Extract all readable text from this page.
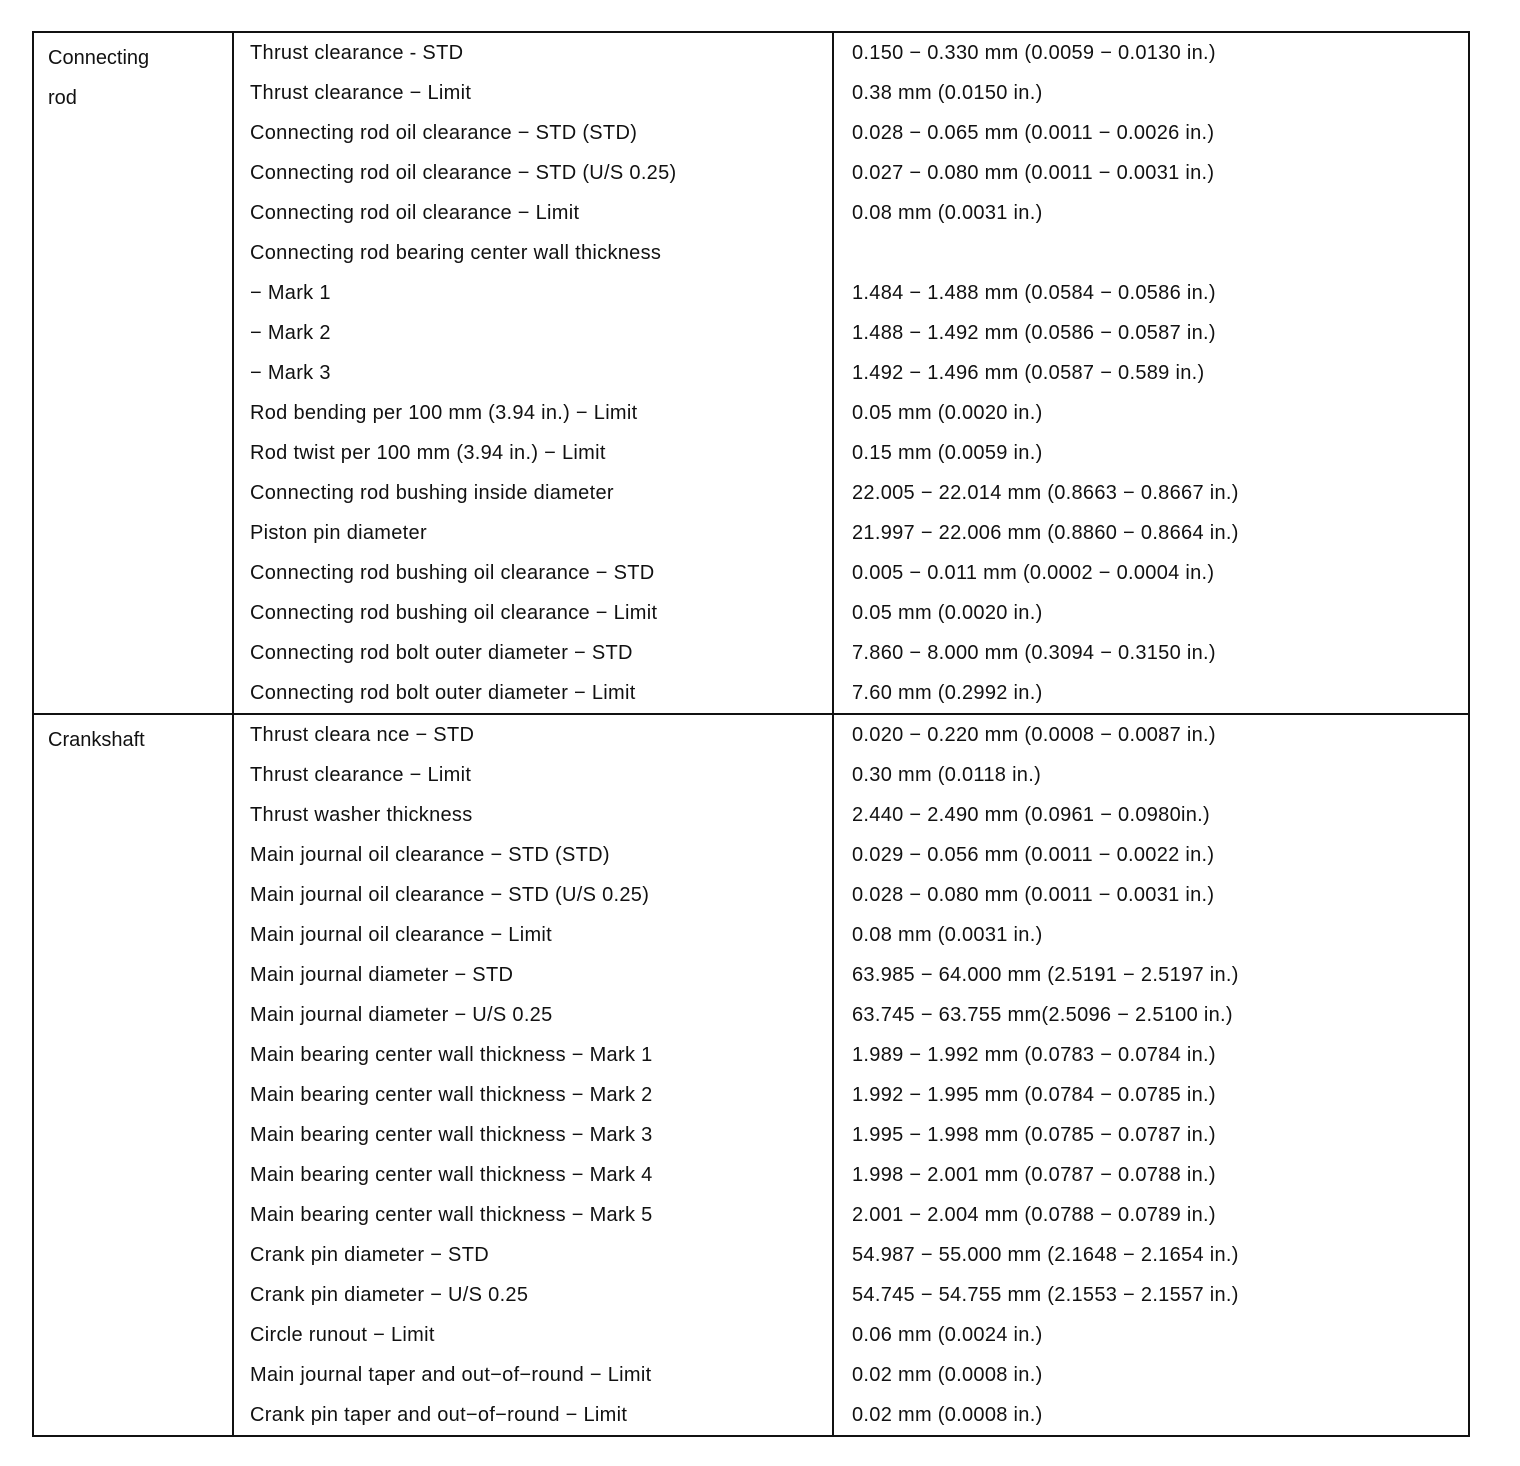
Connecting
rod
Thrust clearance - STD	0.150 − 0.330 mm (0.0059 − 0.0130 in.)
Thrust clearance − Limit	0.38 mm (0.0150 in.)
Connecting rod oil clearance − STD (STD)	0.028 − 0.065 mm (0.0011 − 0.0026 in.)
Connecting rod oil clearance − STD (U/S 0.25)	0.027 − 0.080 mm (0.0011 − 0.0031 in.)
Connecting rod oil clearance − Limit	0.08 mm (0.0031 in.)
Connecting rod bearing center wall thickness
− Mark 1	1.484 − 1.488 mm (0.0584 − 0.0586 in.)
− Mark 2	1.488 − 1.492 mm (0.0586 − 0.0587 in.)
− Mark 3	1.492 − 1.496 mm (0.0587 − 0.589 in.)
Rod bending per 100 mm (3.94 in.) − Limit	0.05 mm (0.0020 in.)
Rod twist per 100 mm (3.94 in.) − Limit	0.15 mm (0.0059 in.)
Connecting rod bushing inside diameter	22.005 − 22.014 mm (0.8663 − 0.8667 in.)
Piston pin diameter	21.997 − 22.006 mm (0.8860 − 0.8664 in.)
Connecting rod bushing oil clearance − STD	0.005 − 0.011 mm (0.0002 − 0.0004 in.)
Connecting rod bushing oil clearance − Limit	0.05 mm (0.0020 in.)
Connecting rod bolt outer diameter − STD	7.860 − 8.000 mm (0.3094 − 0.3150 in.)
Connecting rod bolt outer diameter − Limit	7.60 mm (0.2992 in.)
Crankshaft	Thrust cleara nce − STD	0.020 − 0.220 mm (0.0008 − 0.0087 in.)
Thrust clearance − Limit	0.30 mm (0.0118 in.)
Thrust washer thickness	2.440 − 2.490 mm (0.0961 − 0.0980in.)
Main journal oil clearance − STD (STD)	0.029 − 0.056 mm (0.0011 − 0.0022 in.)
Main journal oil clearance − STD (U/S 0.25)	0.028 − 0.080 mm (0.0011 − 0.0031 in.)
Main journal oil clearance − Limit	0.08 mm (0.0031 in.)
Main journal diameter − STD	63.985 − 64.000 mm (2.5191 − 2.5197 in.)
Main journal diameter − U/S 0.25	63.745 − 63.755 mm(2.5096 − 2.5100 in.)
Main bearing center wall thickness − Mark 1	1.989 − 1.992 mm (0.0783 − 0.0784 in.)
Main bearing center wall thickness − Mark 2	1.992 − 1.995 mm (0.0784 − 0.0785 in.)
Main bearing center wall thickness − Mark 3	1.995 − 1.998 mm (0.0785 − 0.0787 in.)
Main bearing center wall thickness − Mark 4	1.998 − 2.001 mm (0.0787 − 0.0788 in.)
Main bearing center wall thickness − Mark 5	2.001 − 2.004 mm (0.0788 − 0.0789 in.)
Crank pin diameter − STD	54.987 − 55.000 mm (2.1648 − 2.1654 in.)
Crank pin diameter − U/S 0.25	54.745 − 54.755 mm (2.1553 − 2.1557 in.)
Circle runout − Limit	0.06 mm (0.0024 in.)
Main journal taper and out−of−round − Limit	0.02 mm (0.0008 in.)
Crank pin taper and out−of−round − Limit	0.02 mm (0.0008 in.)
